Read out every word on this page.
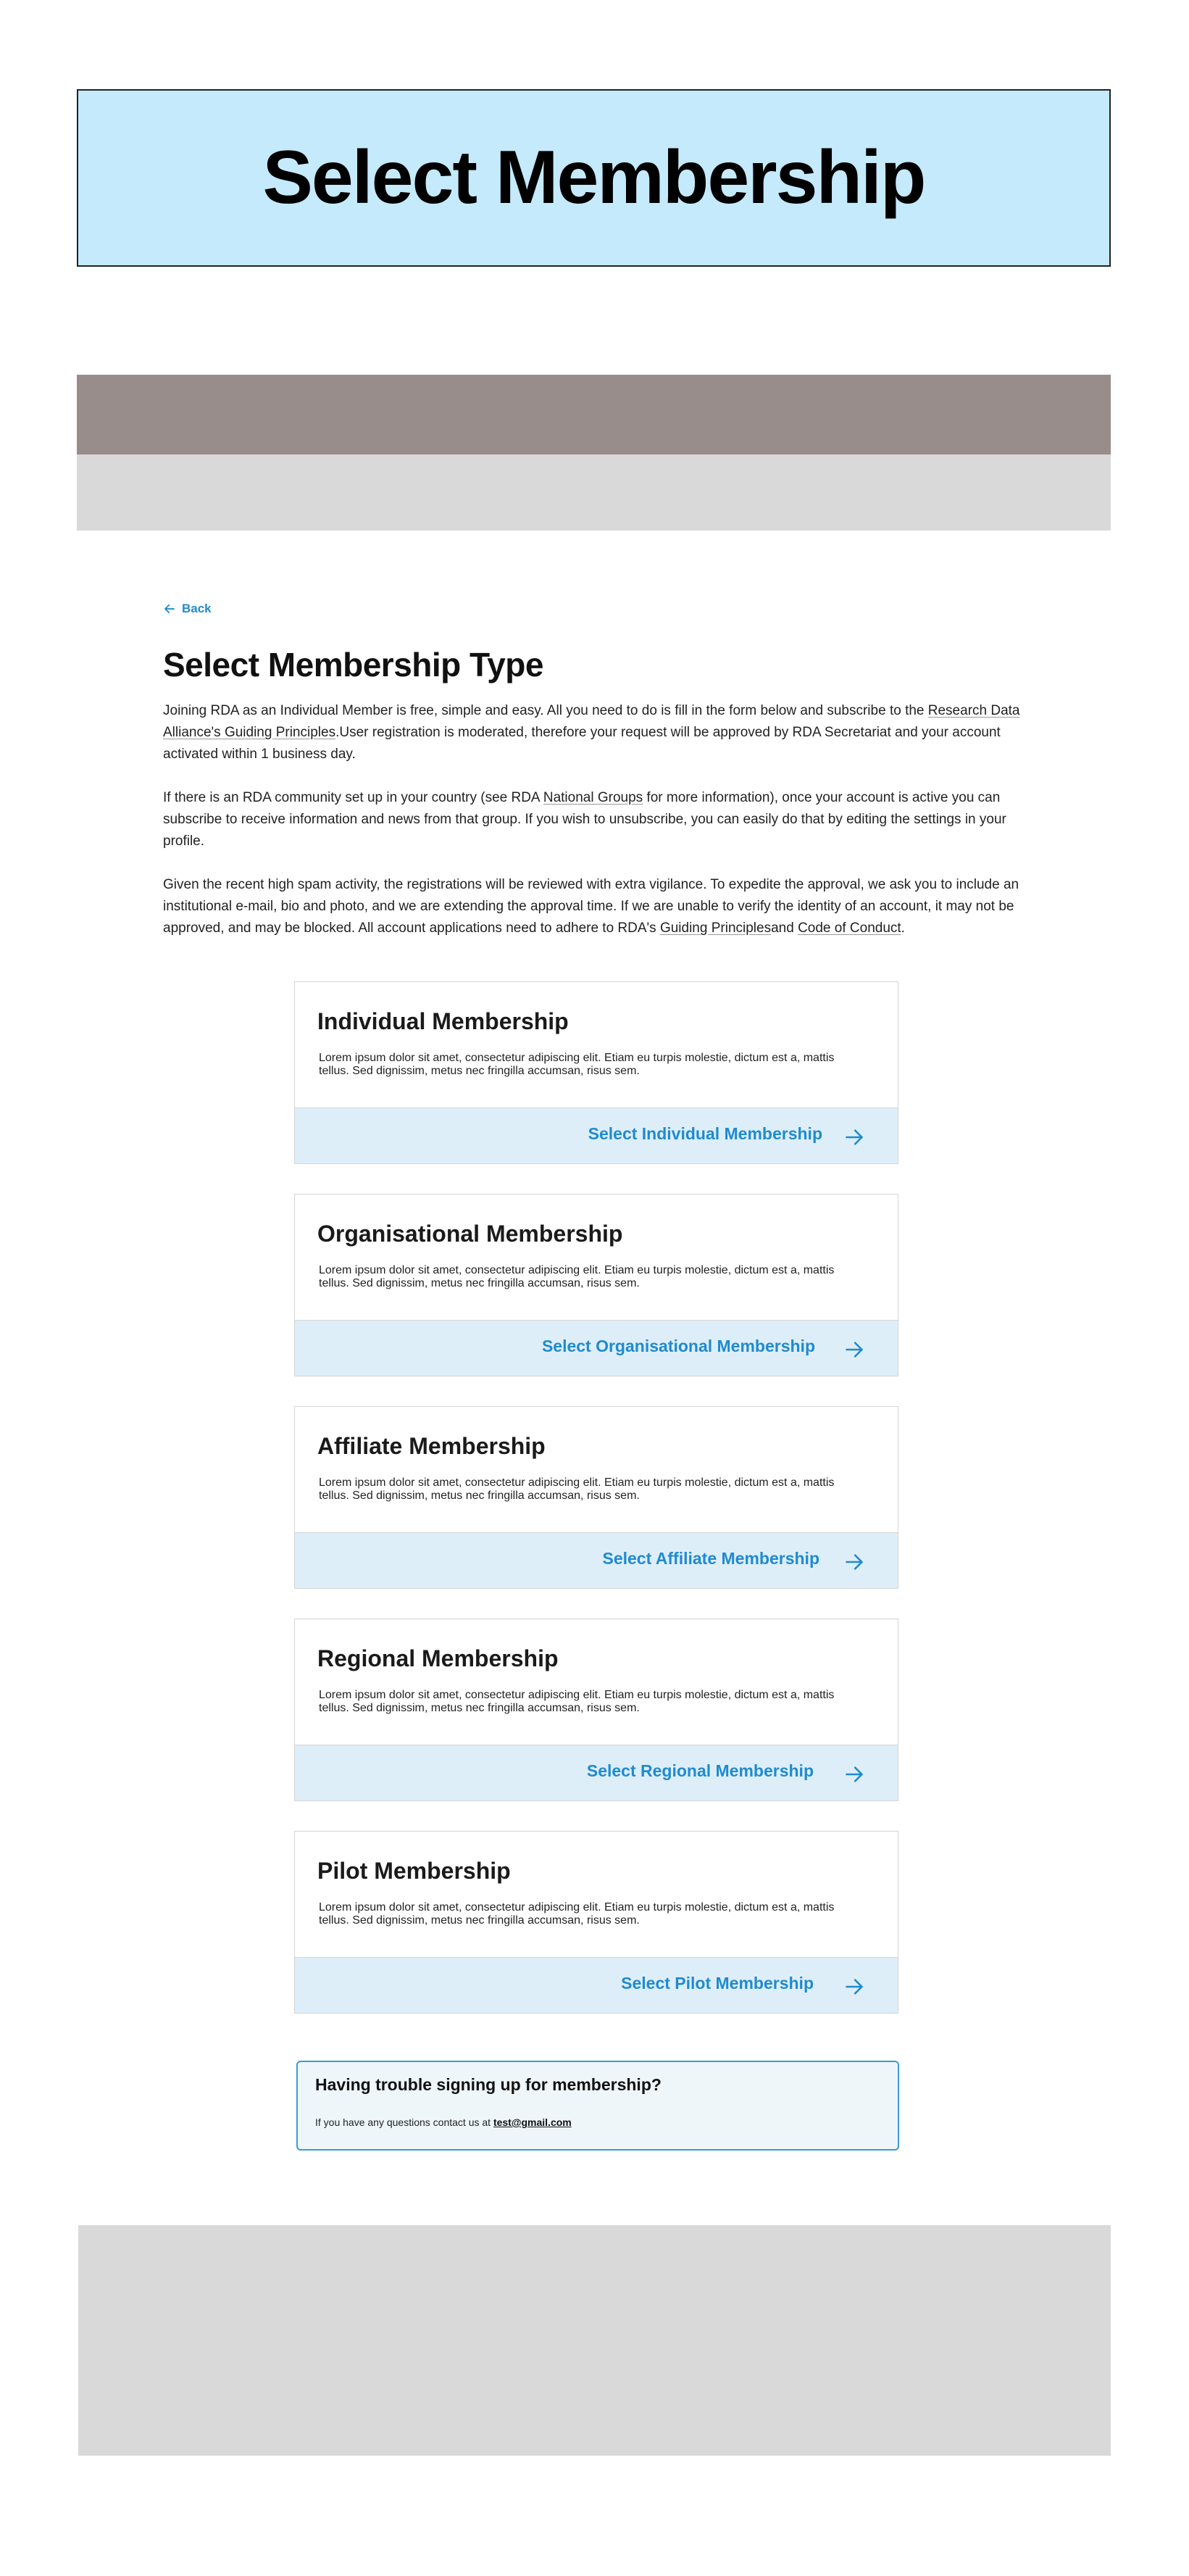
Select Membership
Back
Select Membership Type

Joining RDA as an Individual Member is free, simple and easy. All you need to do is fill in the form below and subscribe to the Research Data Alliance's Guiding Principles.User registration is moderated, therefore your request will be approved by RDA Secretariat and your account activated within 1 business day.

If there is an RDA community set up in your country (see RDA National Groups for more information), once your account is active you can subscribe to receive information and news from that group. If you wish to unsubscribe, you can easily do that by editing the settings in your profile.

Given the recent high spam activity, the registrations will be reviewed with extra vigilance. To expedite the approval, we ask you to include an institutional e-mail, bio and photo, and we are extending the approval time. If we are unable to verify the identity of an account, it may not be approved, and may be blocked. All account applications need to adhere to RDA's Guiding Principlesand Code of Conduct.

Individual Membership

Lorem ipsum dolor sit amet, consectetur adipiscing elit. Etiam eu turpis molestie, dictum est a, mattis tellus. Sed dignissim, metus nec fringilla accumsan, risus sem.

Select Individual Membership
Organisational Membership

Lorem ipsum dolor sit amet, consectetur adipiscing elit. Etiam eu turpis molestie, dictum est a, mattis tellus. Sed dignissim, metus nec fringilla accumsan, risus sem.

Select Organisational Membership
Affiliate Membership

Lorem ipsum dolor sit amet, consectetur adipiscing elit. Etiam eu turpis molestie, dictum est a, mattis tellus. Sed dignissim, metus nec fringilla accumsan, risus sem.

Select Affiliate Membership
Regional Membership

Lorem ipsum dolor sit amet, consectetur adipiscing elit. Etiam eu turpis molestie, dictum est a, mattis tellus. Sed dignissim, metus nec fringilla accumsan, risus sem.

Select Regional Membership
Pilot Membership

Lorem ipsum dolor sit amet, consectetur adipiscing elit. Etiam eu turpis molestie, dictum est a, mattis tellus. Sed dignissim, metus nec fringilla accumsan, risus sem.

Select Pilot Membership
Having trouble signing up for membership?

If you have any questions contact us at test@gmail.com
